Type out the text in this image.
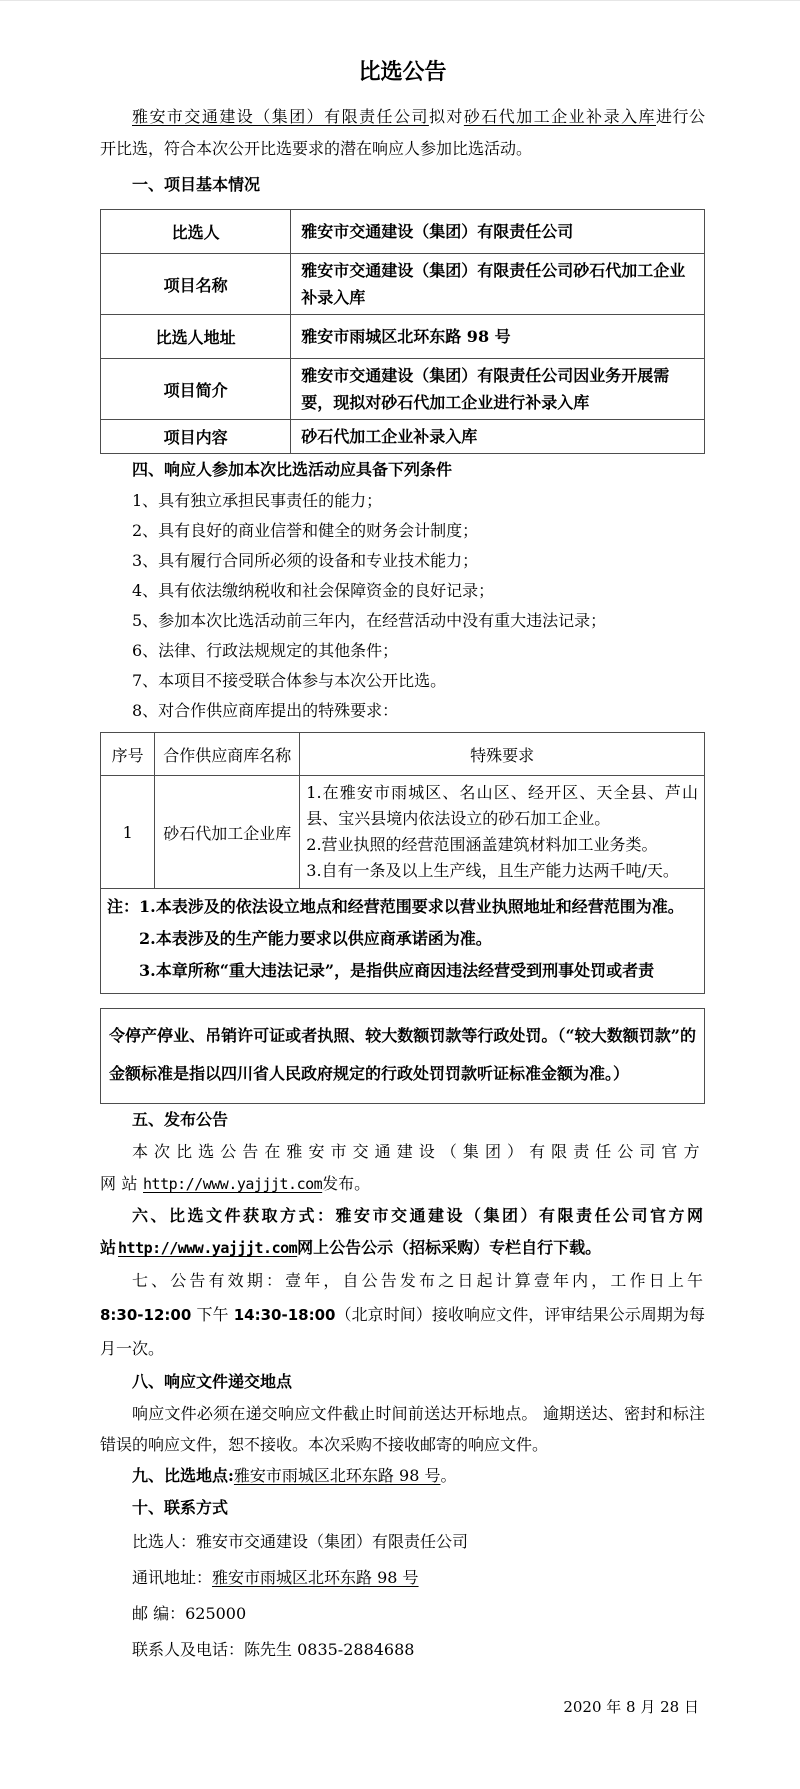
比选公告

雅安市交通建设（集团）有限责任公司拟对砂石代加工企业补录入库进行公开比选，符合本次公开比选要求的潜在响应人参加比选活动。

一、项目基本情况

比选人	雅安市交通建设（集团）有限责任公司
项目名称	雅安市交通建设（集团）有限责任公司砂石代加工企业补录入库
比选人地址	雅安市雨城区北环东路 98 号
项目简介	雅安市交通建设（集团）有限责任公司因业务开展需要，现拟对砂石代加工企业进行补录入库
项目内容	砂石代加工企业补录入库

四、响应人参加本次比选活动应具备下列条件

1、具有独立承担民事责任的能力；

2、具有良好的商业信誉和健全的财务会计制度；

3、具有履行合同所必须的设备和专业技术能力；

4、具有依法缴纳税收和社会保障资金的良好记录；

5、参加本次比选活动前三年内，在经营活动中没有重大违法记录；

6、法律、行政法规规定的其他条件；

7、本项目不接受联合体参与本次公开比选。

8、对合作供应商库提出的特殊要求：

序号	合作供应商库名称	特殊要求
1	砂石代加工企业库	1.在雅安市雨城区、名山区、经开区、天全县、芦山县、宝兴县境内依法设立的砂石加工企业。
2.营业执照的经营范围涵盖建筑材料加工业务类。
3.自有一条及以上生产线，且生产能力达两千吨/天。

注：1.本表涉及的依法设立地点和经营范围要求以营业执照地址和经营范围为准。
2.本表涉及的生产能力要求以供应商承诺函为准。
3.本章所称“重大违法记录”，是指供应商因违法经营受到刑事处罚或者责		
令停产停业、吊销许可证或者执照、较大数额罚款等行政处罚。（“较大数额罚款”的金额标准是指以四川省人民政府规定的行政处罚罚款听证标准金额为准。）

五、发布公告

本次比选公告在雅安市交通建设（集团）有限责任公司官方网站http://www.yajjjt.com发布。

六、比选文件获取方式：雅安市交通建设（集团）有限责任公司官方网站http://www.yajjjt.com网上公告公示（招标采购）专栏自行下载。

七、公告有效期：壹年，自公告发布之日起计算壹年内，工作日上午8:30-12:00 下午 14:30-18:00（北京时间）接收响应文件，评审结果公示周期为每月一次。

八、响应文件递交地点

响应文件必须在递交响应文件截止时间前送达开标地点。 逾期送达、密封和标注错误的响应文件，恕不接收。本次采购不接收邮寄的响应文件。

九、比选地点:雅安市雨城区北环东路 98 号。

十、联系方式

比选人：雅安市交通建设（集团）有限责任公司

通讯地址：雅安市雨城区北环东路 98 号

邮 编：625000

联系人及电话：陈先生 0835-2884688

2020 年 8 月 28 日
